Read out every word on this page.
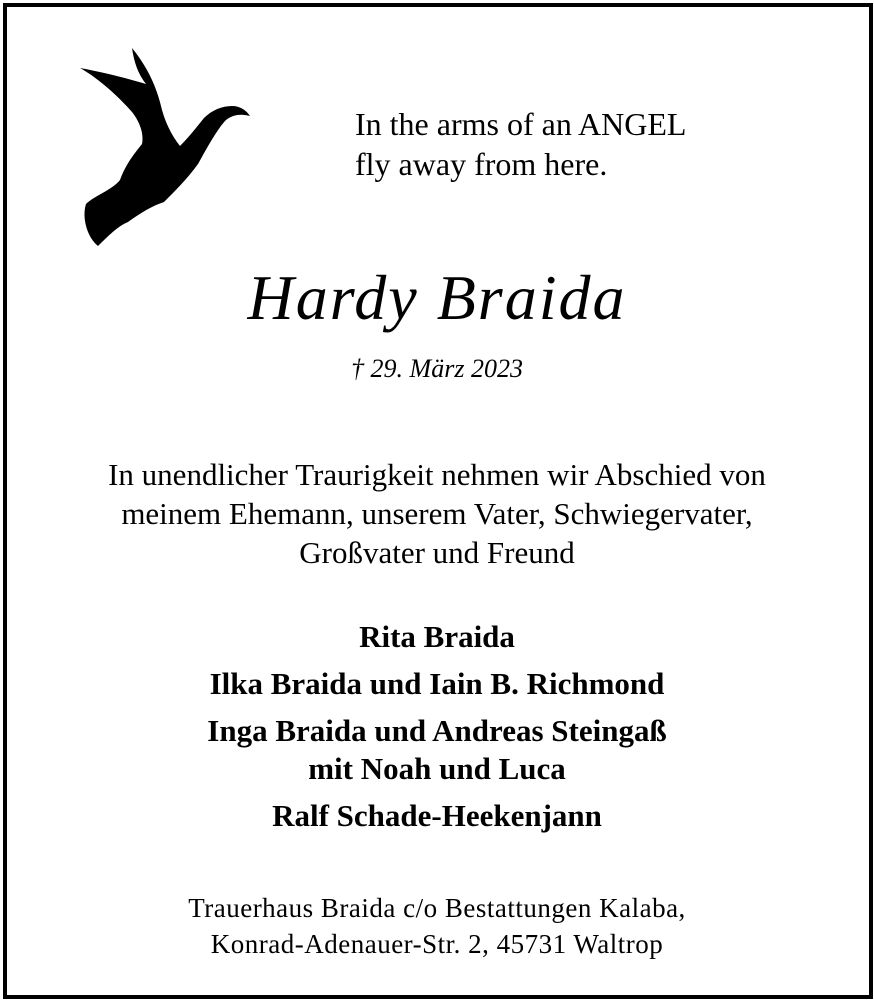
In the arms of an ANGEL
fly away from here.
Hardy Braida
† 29. März 2023
In unendlicher Traurigkeit nehmen wir Abschied von
meinem Ehemann, unserem Vater, Schwiegervater,
Großvater und Freund
Rita Braida
Ilka Braida und Iain B. Richmond
Inga Braida und Andreas Steingaß
mit Noah und Luca
Ralf Schade-Heekenjann
Trauerhaus Braida c/o Bestattungen Kalaba,
Konrad-Adenauer-Str. 2, 45731 Waltrop
